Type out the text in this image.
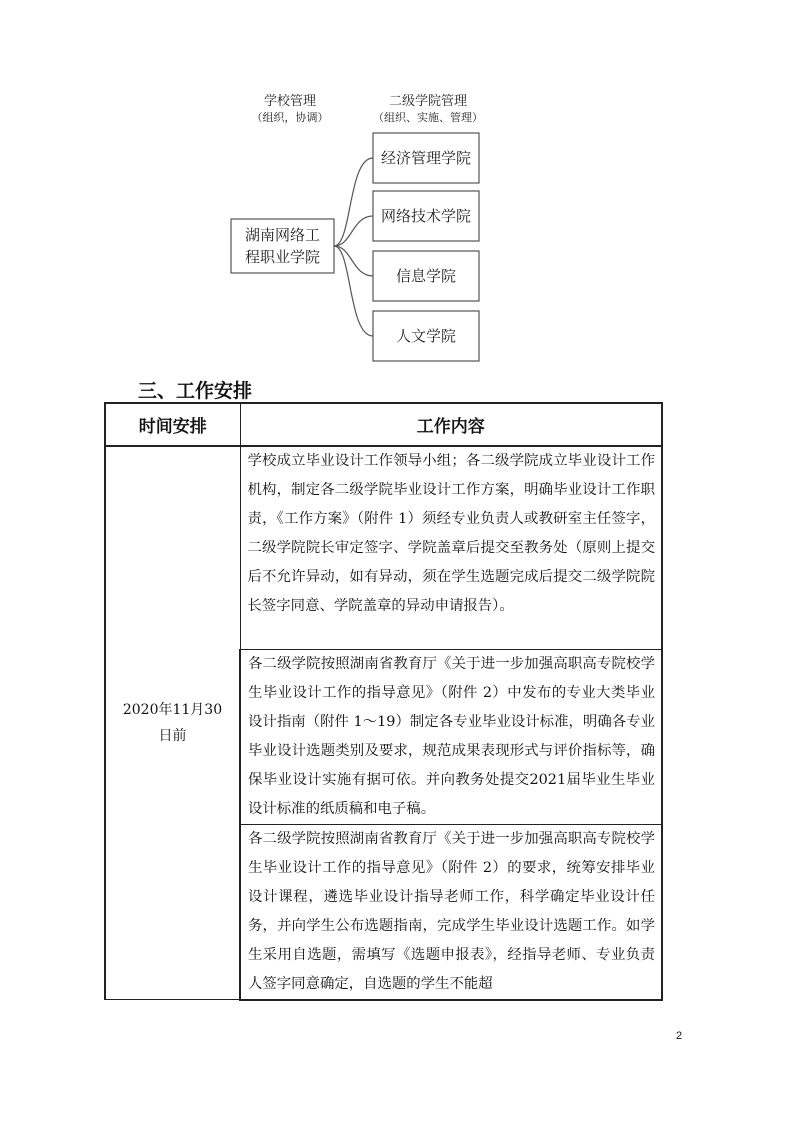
学校管理
（组织，协调）
二级学院管理
（组织、实施、管理）
湖南网络工程职业学院
经济管理学院
网络技术学院
信息学院
人文学院
三、工作安排
时间安排	工作内容
2020年11月30日前	学校成立毕业设计工作领导小组；各二级学院成立毕业设计工作机构，制定各二级学院毕业设计工作方案，明确毕业设计工作职责，《工作方案》（附件 1）须经专业负责人或教研室主任签字，二级学院院长审定签字、学院盖章后提交至教务处（原则上提交后不允许异动，如有异动，须在学生选题完成后提交二级学院院长签字同意、学院盖章的异动申请报告）。
	各二级学院按照湖南省教育厅《关于进一步加强高职高专院校学生毕业设计工作的指导意见》（附件 2）中发布的专业大类毕业设计指南（附件 1～19）制定各专业毕业设计标准，明确各专业毕业设计选题类别及要求，规范成果表现形式与评价指标等，确保毕业设计实施有据可依。并向教务处提交2021届毕业生毕业设计标准的纸质稿和电子稿。
	各二级学院按照湖南省教育厅《关于进一步加强高职高专院校学生毕业设计工作的指导意见》（附件 2）的要求，统筹安排毕业设计课程，遴选毕业设计指导老师工作，科学确定毕业设计任务，并向学生公布选题指南，完成学生毕业设计选题工作。如学生采用自选题，需填写《选题申报表》，经指导老师、专业负责人签字同意确定，自选题的学生不能超
2
